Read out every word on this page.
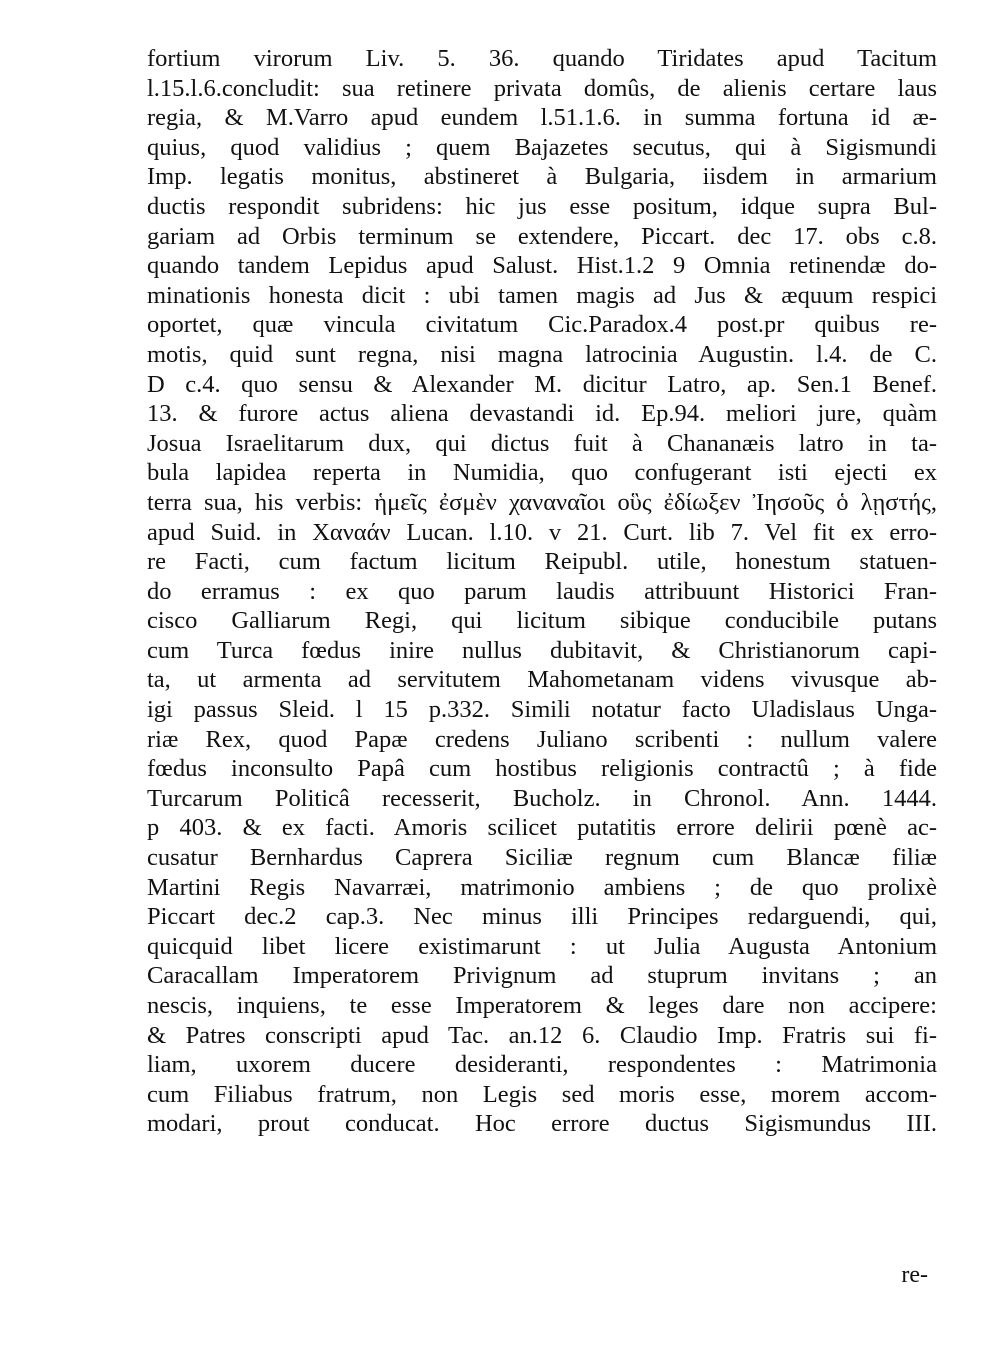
fortium virorum Liv. 5. 36. quando Tiridates apud Tacitum
l.15.l.6.concludit: sua retinere privata domûs, de alienis certare laus
regia, & M.Varro apud eundem l.51.1.6. in summa fortuna id æ-
quius, quod validius ; quem Bajazetes secutus, qui à Sigismundi
Imp. legatis monitus, abstineret à Bulgaria, iisdem in armarium
ductis respondit subridens: hic jus esse positum, idque supra Bul-
gariam ad Orbis terminum se extendere, Piccart. dec 17. obs c.8.
quando tandem Lepidus apud Salust. Hist.1.2 9 Omnia retinendæ do-
minationis honesta dicit : ubi tamen magis ad Jus & æquum respici
oportet, quæ vincula civitatum Cic.Paradox.4 post.pr quibus re-
motis, quid sunt regna, nisi magna latrocinia Augustin. l.4. de C.
D c.4. quo sensu & Alexander M. dicitur Latro, ap. Sen.1 Benef.
13. & furore actus aliena devastandi id. Ep.94. meliori jure, quàm
Josua Israelitarum dux, qui dictus fuit à Chananæis latro in ta-
bula lapidea reperta in Numidia, quo confugerant isti ejecti ex
terra sua, his verbis: ἡμεῖς ἐσμὲν χαναναῖοι οὓς ἐδίωξεν Ἰησοῦς ὁ λῃστής,
apud Suid. in Χαναάν Lucan. l.10. v 21. Curt. lib 7. Vel fit ex erro-
re Facti, cum factum licitum Reipubl. utile, honestum statuen-
do erramus : ex quo parum laudis attribuunt Historici Fran-
cisco Galliarum Regi, qui licitum sibique conducibile putans
cum Turca fœdus inire nullus dubitavit, & Christianorum capi-
ta, ut armenta ad servitutem Mahometanam videns vivusque ab-
igi passus Sleid. l 15 p.332. Simili notatur facto Uladislaus Unga-
riæ Rex, quod Papæ credens Juliano scribenti : nullum valere
fœdus inconsulto Papâ cum hostibus religionis contractû ; à fide
Turcarum Politicâ recesserit, Bucholz. in Chronol. Ann. 1444.
p 403. & ex facti. Amoris scilicet putatitis errore delirii pœnè ac-
cusatur Bernhardus Caprera Siciliæ regnum cum Blancæ filiæ
Martini Regis Navarræi, matrimonio ambiens ; de quo prolixè
Piccart dec.2 cap.3. Nec minus illi Principes redarguendi, qui,
quicquid libet licere existimarunt : ut Julia Augusta Antonium
Caracallam Imperatorem Privignum ad stuprum invitans ; an
nescis, inquiens, te esse Imperatorem & leges dare non accipere:
& Patres conscripti apud Tac. an.12 6. Claudio Imp. Fratris sui fi-
liam, uxorem ducere desideranti, respondentes : Matrimonia
cum Filiabus fratrum, non Legis sed moris esse, morem accom-
modari, prout conducat. Hoc errore ductus Sigismundus III.
re-
